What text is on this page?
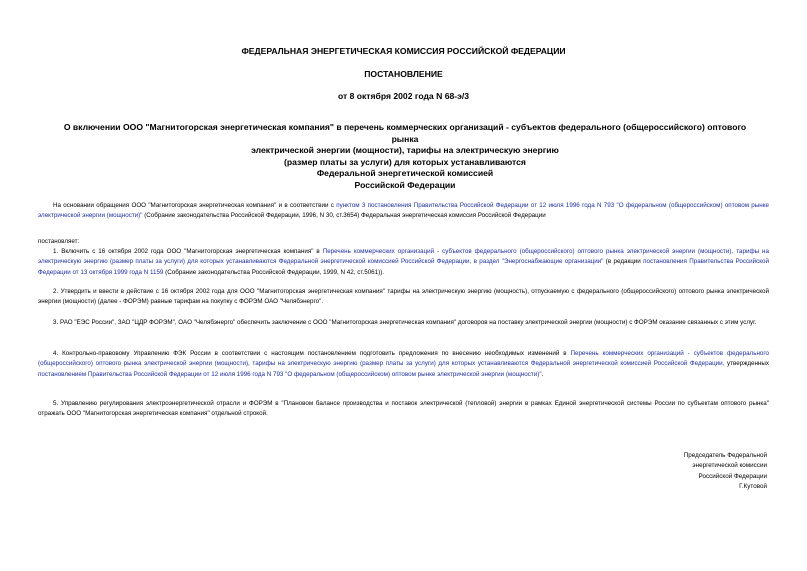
ФЕДЕРАЛЬНАЯ ЭНЕРГЕТИЧЕСКАЯ КОМИССИЯ РОССИЙСКОЙ ФЕДЕРАЦИИ
ПОСТАНОВЛЕНИЕ
от 8 октября 2002 года N 68-э/3
О включении ООО "Магнитогорская энергетическая компания" в перечень коммерческих организаций - субъектов федерального (общероссийского) оптового
рынка
электрической энергии (мощности), тарифы на электрическую энергию
(размер платы за услуги) для которых устанавливаются
Федеральной энергетической комиссией
Российской Федерации
На основании обращения ООО "Магнитогорская энергетическая компания" и в соответствии с пунктом 3 постановления Правительства Российской Федерации от 12 июля 1996 года N 793 "О федеральном (общероссийском) оптовом рынке электрической энергии (мощности)" (Собрание законодательства Российской Федерации, 1996, N 30, ст.3654) Федеральная энергетическая комиссия Российской Федерации
постановляет:
1. Включить с 16 октября 2002 года ООО "Магнитогорская энергетическая компания" в Перечень коммерческих организаций - субъектов федерального (общероссийского) оптового рынка электрической энергии (мощности), тарифы на электрическую энергию (размер платы за услуги) для которых устанавливаются Федеральной энергетической комиссией Российской Федерации, в раздел "Энергоснабжающие организации" (в редакции постановления Правительства Российской Федерации от 13 октября 1999 года N 1159 (Собрание законодательства Российской Федерации, 1999, N 42, ст.5061)).
2. Утвердить и ввести в действие с 16 октября 2002 года для ООО "Магнитогорская энергетическая компания" тарифы на электрическую энергию (мощность), отпускаемую с федерального (общероссийского) оптового рынка электрической энергии (мощности) (далее - ФОРЭМ) равные тарифам на покупку с ФОРЭМ ОАО "Челябэнерго".
3. РАО "ЕЭС России", ЗАО "ЦДР ФОРЭМ", ОАО "Челябэнерго" обеспечить заключение с ООО "Магнитогорская энергетическая компания" договоров на поставку электрической энергии (мощности) с ФОРЭМ оказание связанных с этим услуг.
4. Контрольно-правовому Управлению ФЭК России в соответствии с настоящим постановлением подготовить предложения по внесению необходимых изменений в Перечень коммерческих организаций - субъектов федерального (общероссийского) оптового рынка электрической энергии (мощности), тарифы на электрическую энергию (размер платы за услуги) для которых устанавливаются Федеральной энергетической комиссией Российской Федерации, утвержденных постановлением Правительства Российской Федерации от 12 июля 1996 года N 793 "О федеральном (общероссийском) оптовом рынке электрической энергии (мощности)".
5. Управлению регулирования электроэнергетической отрасли и ФОРЭМ в "Плановом балансе производства и поставок электрической (тепловой) энергии в рамках Единой энергетической системы России по субъектам оптового рынка" отражать ООО "Магнитогорская энергетическая компания" отдельной строкой.
Председатель Федеральной
энергетической комиссии
Российской Федерации
Г.Кутовой
